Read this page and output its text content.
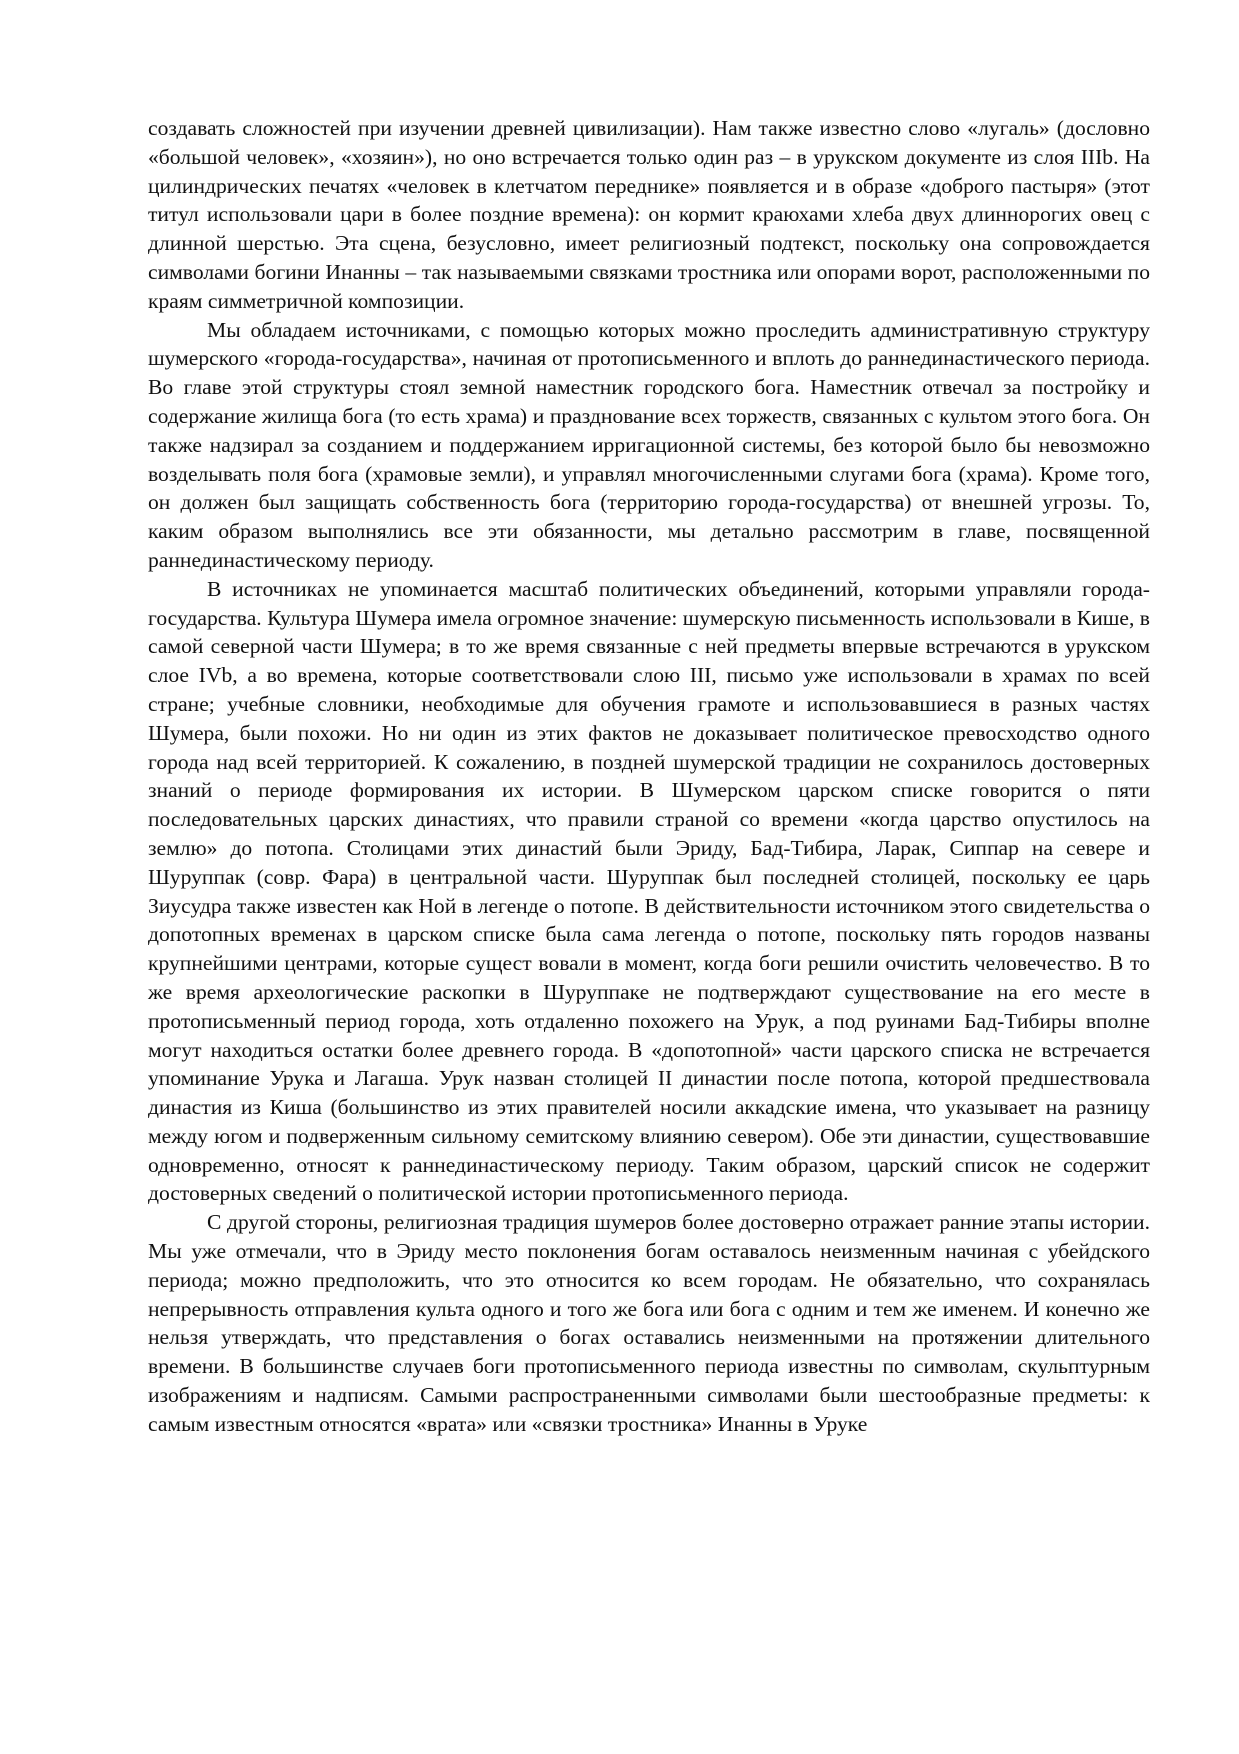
создавать сложностей при изучении древней цивилизации). Нам также известно слово «лугаль» (дословно «большой человек», «хозяин»), но оно встречается только один раз – в урукском документе из слоя IIIb. На цилиндрических печатях «человек в клетчатом переднике» появляется и в образе «доброго пастыря» (этот титул использовали цари в более поздние времена): он кормит краюхами хлеба двух длиннорогих овец с длинной шерстью. Эта сцена, безусловно, имеет религиозный подтекст, поскольку она сопровождается символами богини Инанны – так называемыми связками тростника или опорами ворот, расположенными по краям симметричной композиции.

Мы обладаем источниками, с помощью которых можно проследить административную структуру шумерского «города-государства», начиная от протописьменного и вплоть до раннединастического периода. Во главе этой структуры стоял земной наместник городского бога. Наместник отвечал за постройку и содержание жилища бога (то есть храма) и празднование всех торжеств, связанных с культом этого бога. Он также надзирал за созданием и поддержанием ирригационной системы, без которой было бы невозможно возделывать поля бога (храмовые земли), и управлял многочисленными слугами бога (храма). Кроме того, он должен был защищать собственность бога (территорию города-государства) от внешней угрозы. То, каким образом выполнялись все эти обязанности, мы детально рассмотрим в главе, посвященной раннединастическому периоду.

В источниках не упоминается масштаб политических объединений, которыми управляли города-государства. Культура Шумера имела огромное значение: шумерскую письменность использовали в Кише, в самой северной части Шумера; в то же время связанные с ней предметы впервые встречаются в урукском слое IVb, а во времена, которые соответствовали слою III, письмо уже использовали в храмах по всей стране; учебные словники, необходимые для обучения грамоте и использовавшиеся в разных частях Шумера, были похожи. Но ни один из этих фактов не доказывает политическое превосходство одного города над всей территорией. К сожалению, в поздней шумерской традиции не сохранилось достоверных знаний о периоде формирования их истории. В Шумерском царском списке говорится о пяти последовательных царских династиях, что правили страной со времени «когда царство опустилось на землю» до потопа. Столицами этих династий были Эриду, Бад-Тибира, Ларак, Сиппар на севере и Шуруппак (совр. Фара) в центральной части. Шуруппак был последней столицей, поскольку ее царь Зиусудра также известен как Ной в легенде о потопе. В действительности источником этого свидетельства о допотопных временах в царском списке была сама легенда о потопе, поскольку пять городов названы крупнейшими центрами, которые сущест вовали в момент, когда боги решили очистить человечество. В то же время археологические раскопки в Шуруппаке не подтверждают существование на его месте в протописьменный период города, хоть отдаленно похожего на Урук, а под руинами Бад-Тибиры вполне могут находиться остатки более древнего города. В «допотопной» части царского списка не встречается упоминание Урука и Лагаша. Урук назван столицей II династии после потопа, которой предшествовала династия из Киша (большинство из этих правителей носили аккадские имена, что указывает на разницу между югом и подверженным сильному семитскому влиянию севером). Обе эти династии, существовавшие одновременно, относят к раннединастическому периоду. Таким образом, царский список не содержит достоверных сведений о политической истории протописьменного периода.

С другой стороны, религиозная традиция шумеров более достоверно отражает ранние этапы истории. Мы уже отмечали, что в Эриду место поклонения богам оставалось неизменным начиная с убейдского периода; можно предположить, что это относится ко всем городам. Не обязательно, что сохранялась непрерывность отправления культа одного и того же бога или бога с одним и тем же именем. И конечно же нельзя утверждать, что представления о богах оставались неизменными на протяжении длительного времени. В большинстве случаев боги протописьменного периода известны по символам, скульптурным изображениям и надписям. Самыми распространенными символами были шестообразные предметы: к самым известным относятся «врата» или «связки тростника» Инанны в Уруке
